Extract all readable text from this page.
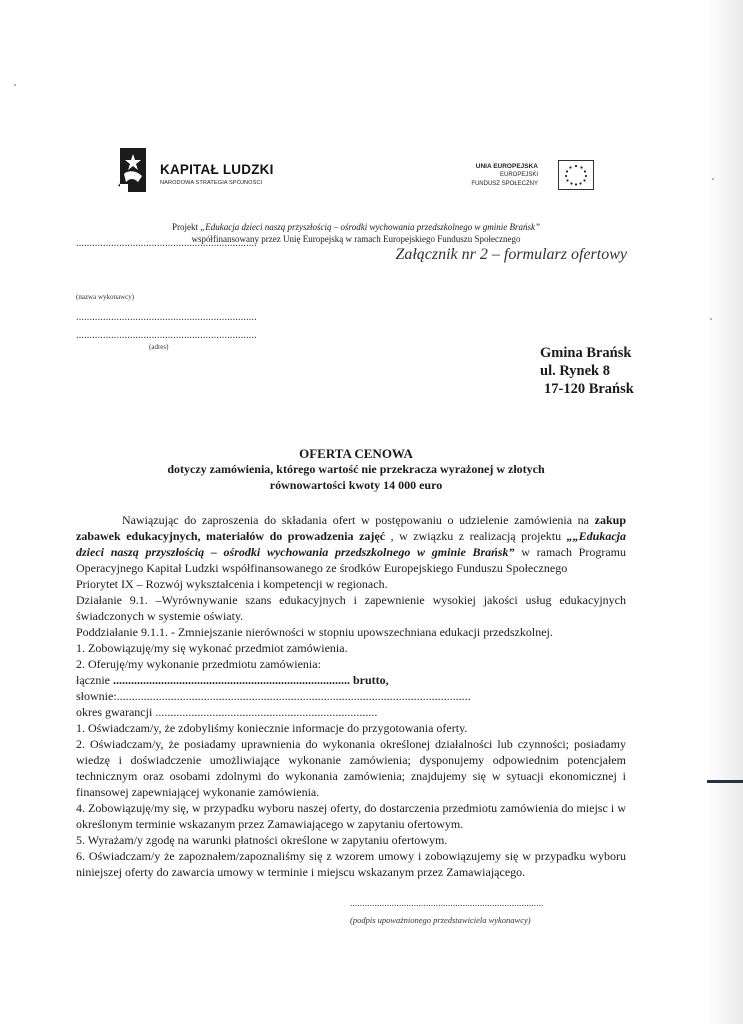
KAPITAŁ LUDZKI
NARODOWA STRATEGIA SPÓJNOŚCI
UNIA EUROPEJSKA
EUROPEJSKI
FUNDUSZ SPOŁECZNY
Projekt „Edukacja dzieci naszą przyszłością – ośrodki wychowania przedszkolnego w gminie Brańsk”
współfinansowany przez Unię Europejską w ramach Europejskiego Funduszu Społecznego
Załącznik nr 2 – formularz ofertowy
...................................................................
(nazwa wykonawcy)
...................................................................
...................................................................
(adres)	Gmina Brańsk
ul. Rynek 8
17-120 Brańsk
OFERTA CENOWA
dotyczy zamówienia, którego wartość nie przekracza wyrażonej w złotych
równowartości kwoty 14 000 euro

Nawiązując do zaproszenia do składania ofert w postępowaniu o udzielenie zamówienia na zakup zabawek edukacyjnych, materiałów do prowadzenia zajęć , w związku z realizacją projektu „„Edukacja dzieci naszą przyszłością – ośrodki wychowania przedszkolnego w gminie Brańsk” w ramach Programu Operacyjnego Kapitał Ludzki współfinansowanego ze środków Europejskiego Funduszu Społecznego

Priorytet IX – Rozwój wykształcenia i kompetencji w regionach.

Działanie 9.1. –Wyrównywanie szans edukacyjnych i zapewnienie wysokiej jakości usług edukacyjnych świadczonych w systemie oświaty.

Poddziałanie 9.1.1. - Zmniejszanie nierówności w stopniu upowszechniana edukacji przedszkolnej.

1. Zobowiązuję/my się wykonać przedmiot zamówienia.

2. Oferuję/my wykonanie przedmiotu zamówienia:

łącznie ............................................................................... brutto,

słownie:......................................................................................................................

okres gwarancji ..........................................................................

1. Oświadczam/y, że zdobyliśmy koniecznie informacje do przygotowania oferty.

2. Oświadczam/y, że posiadamy uprawnienia do wykonania określonej działalności lub czynności; posiadamy wiedzę i doświadczenie umożliwiające wykonanie zamówienia; dysponujemy odpowiednim potencjałem technicznym oraz osobami zdolnymi do wykonania zamówienia; znajdujemy się w sytuacji ekonomicznej i finansowej zapewniającej wykonanie zamówienia.

4. Zobowiązuję/my się, w przypadku wyboru naszej oferty, do dostarczenia przedmiotu zamówienia do miejsc i w określonym terminie wskazanym przez Zamawiającego w zapytaniu ofertowym.

5. Wyrażam/y zgodę na warunki płatności określone w zapytaniu ofertowym.

6. Oświadczam/y że zapoznałem/zapoznaliśmy się z wzorem umowy i zobowiązujemy się w przypadku wyboru niniejszej oferty do zawarcia umowy w terminie i miejscu wskazanym przez Zamawiającego.

...............................................................................
(podpis upoważnionego przedstawiciela wykonawcy)
